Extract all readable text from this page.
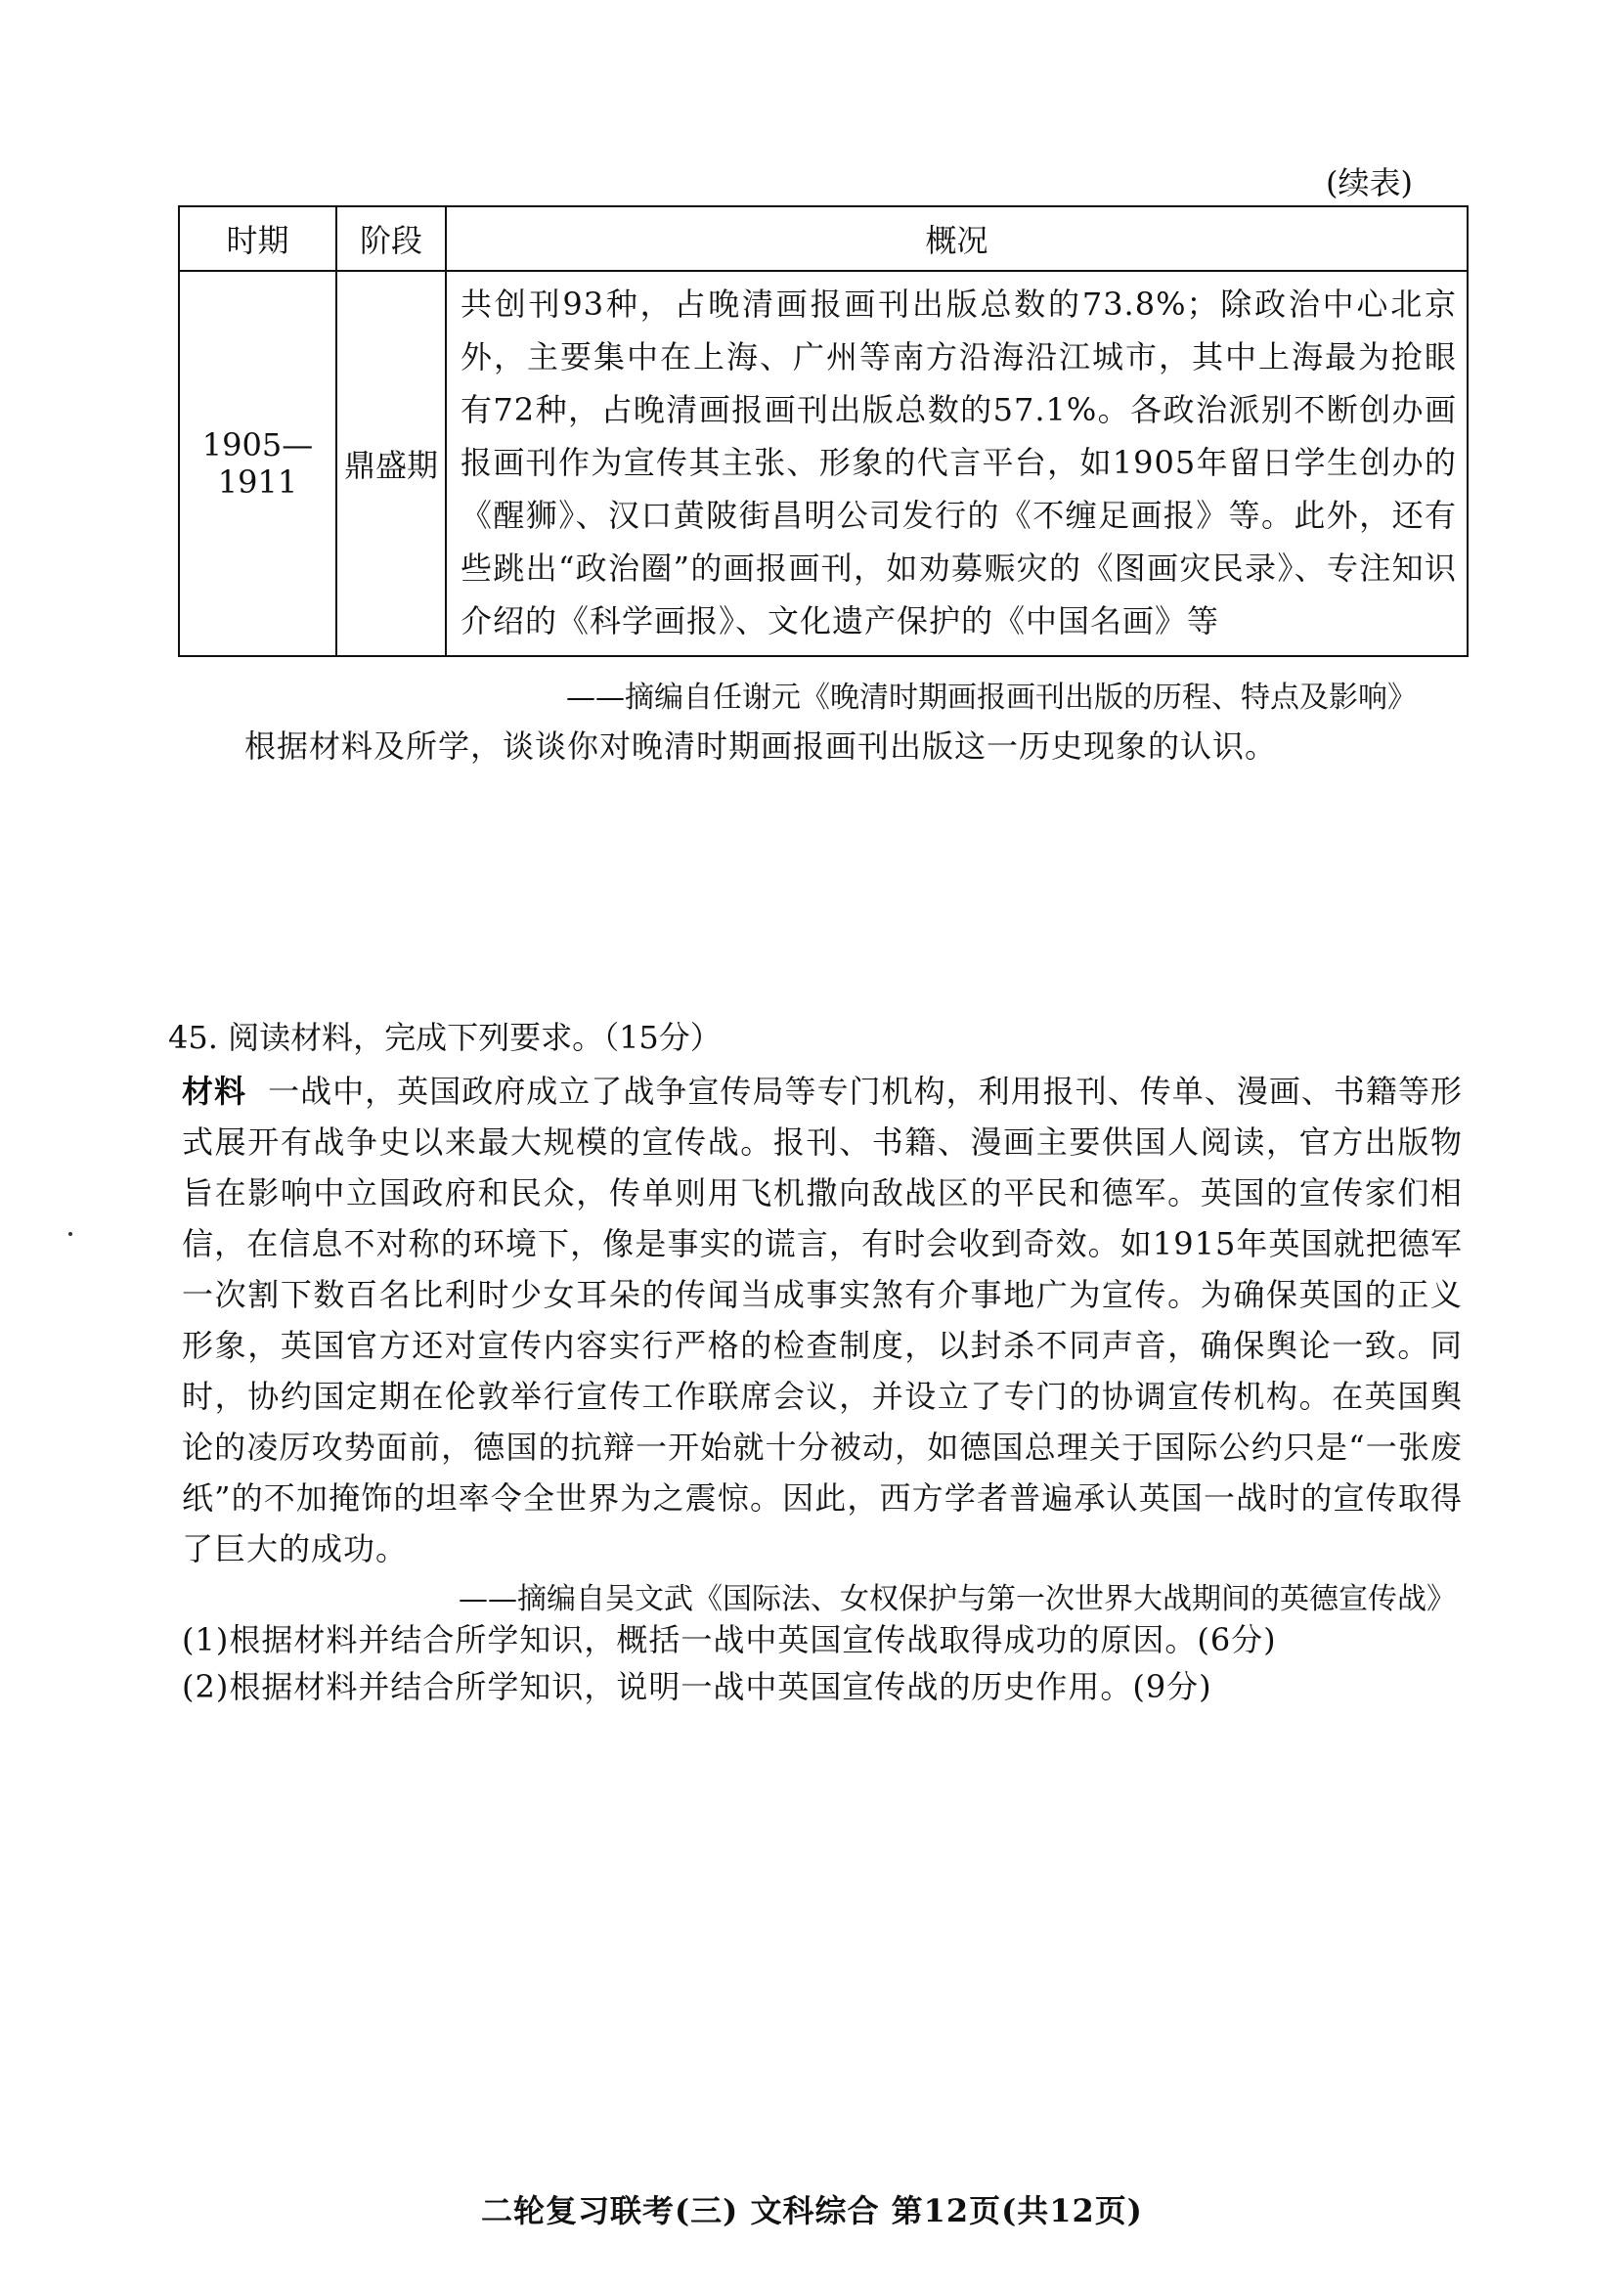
(续表)
时期	阶段	概况
1905—1911	鼎盛期	共创刊93种，占晚清画报画刊出版总数的73.8%；除政治中心北京外，主要集中在上海、广州等南方沿海沿江城市，其中上海最为抢眼有72种，占晚清画报画刊出版总数的57.1%。各政治派别不断创办画报画刊作为宣传其主张、形象的代言平台，如1905年留日学生创办的《醒狮》、汉口黄陂街昌明公司发行的《不缠足画报》等。此外，还有些跳出“政治圈”的画报画刊，如劝募赈灾的《图画灾民录》、专注知识介绍的《科学画报》、文化遗产保护的《中国名画》等
——摘编自任谢元《晚清时期画报画刊出版的历程、特点及影响》
根据材料及所学，谈谈你对晚清时期画报画刊出版这一历史现象的认识。
45. 阅读材料，完成下列要求。（15分）
材料 一战中，英国政府成立了战争宣传局等专门机构，利用报刊、传单、漫画、书籍等形式展开有战争史以来最大规模的宣传战。报刊、书籍、漫画主要供国人阅读，官方出版物旨在影响中立国政府和民众，传单则用飞机撒向敌战区的平民和德军。英国的宣传家们相信，在信息不对称的环境下，像是事实的谎言，有时会收到奇效。如1915年英国就把德军一次割下数百名比利时少女耳朵的传闻当成事实煞有介事地广为宣传。为确保英国的正义形象，英国官方还对宣传内容实行严格的检查制度，以封杀不同声音，确保舆论一致。同时，协约国定期在伦敦举行宣传工作联席会议，并设立了专门的协调宣传机构。在英国舆论的凌厉攻势面前，德国的抗辩一开始就十分被动，如德国总理关于国际公约只是“一张废纸”的不加掩饰的坦率令全世界为之震惊。因此，西方学者普遍承认英国一战时的宣传取得了巨大的成功。
——摘编自吴文武《国际法、女权保护与第一次世界大战期间的英德宣传战》
(1)根据材料并结合所学知识，概括一战中英国宣传战取得成功的原因。(6分)
(2)根据材料并结合所学知识，说明一战中英国宣传战的历史作用。(9分)
二轮复习联考(三) 文科综合 第12页(共12页)
